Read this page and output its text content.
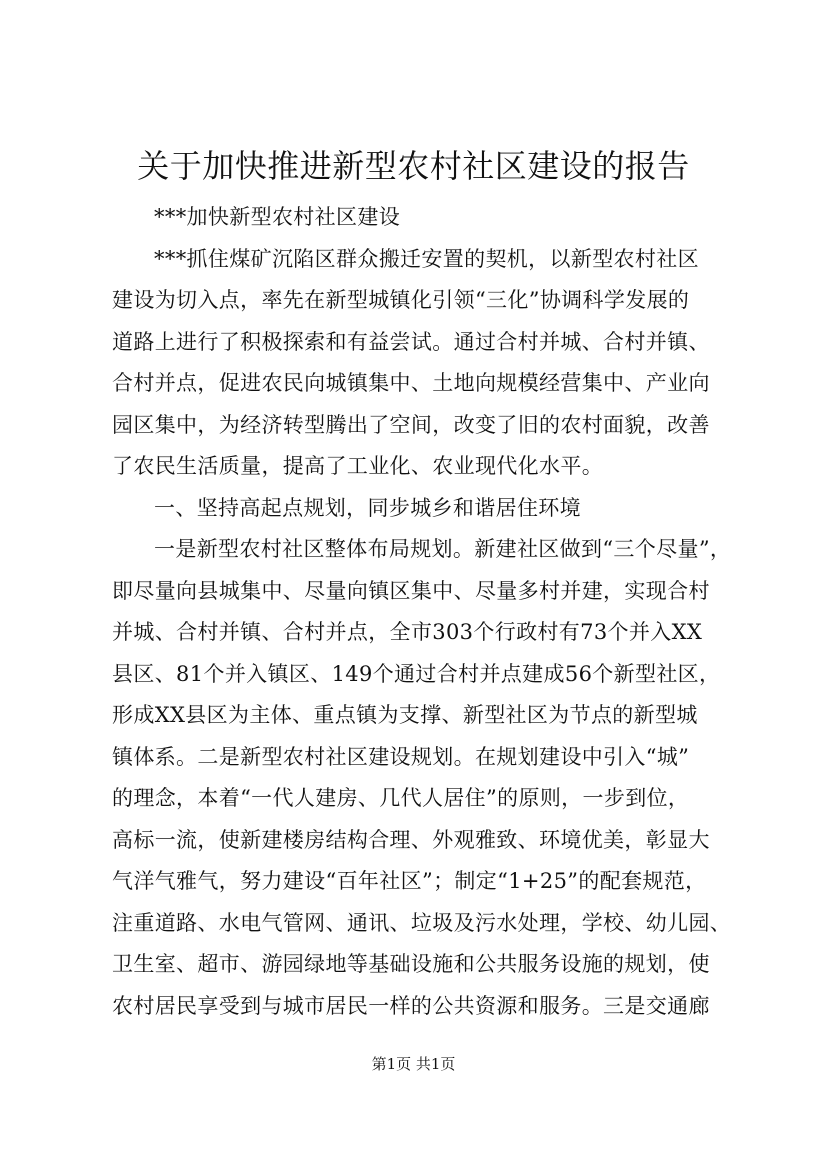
关于加快推进新型农村社区建设的报告
***加快新型农村社区建设
***抓住煤矿沉陷区群众搬迁安置的契机，以新型农村社区
建设为切入点，率先在新型城镇化引领“三化”协调科学发展的
道路上进行了积极探索和有益尝试。通过合村并城、合村并镇、
合村并点，促进农民向城镇集中、土地向规模经营集中、产业向
园区集中，为经济转型腾出了空间，改变了旧的农村面貌，改善
了农民生活质量，提高了工业化、农业现代化水平。
一、坚持高起点规划，同步城乡和谐居住环境
一是新型农村社区整体布局规划。新建社区做到“三个尽量”，
即尽量向县城集中、尽量向镇区集中、尽量多村并建，实现合村
并城、合村并镇、合村并点，全市303个行政村有73个并入XX
县区、81个并入镇区、149个通过合村并点建成56个新型社区，
形成XX县区为主体、重点镇为支撑、新型社区为节点的新型城
镇体系。二是新型农村社区建设规划。在规划建设中引入“城”
的理念，本着“一代人建房、几代人居住”的原则，一步到位，
高标一流，使新建楼房结构合理、外观雅致、环境优美，彰显大
气洋气雅气，努力建设“百年社区”；制定“1+25”的配套规范，
注重道路、水电气管网、通讯、垃圾及污水处理，学校、幼儿园、
卫生室、超市、游园绿地等基础设施和公共服务设施的规划，使
农村居民享受到与城市居民一样的公共资源和服务。三是交通廊
第1页 共1页
